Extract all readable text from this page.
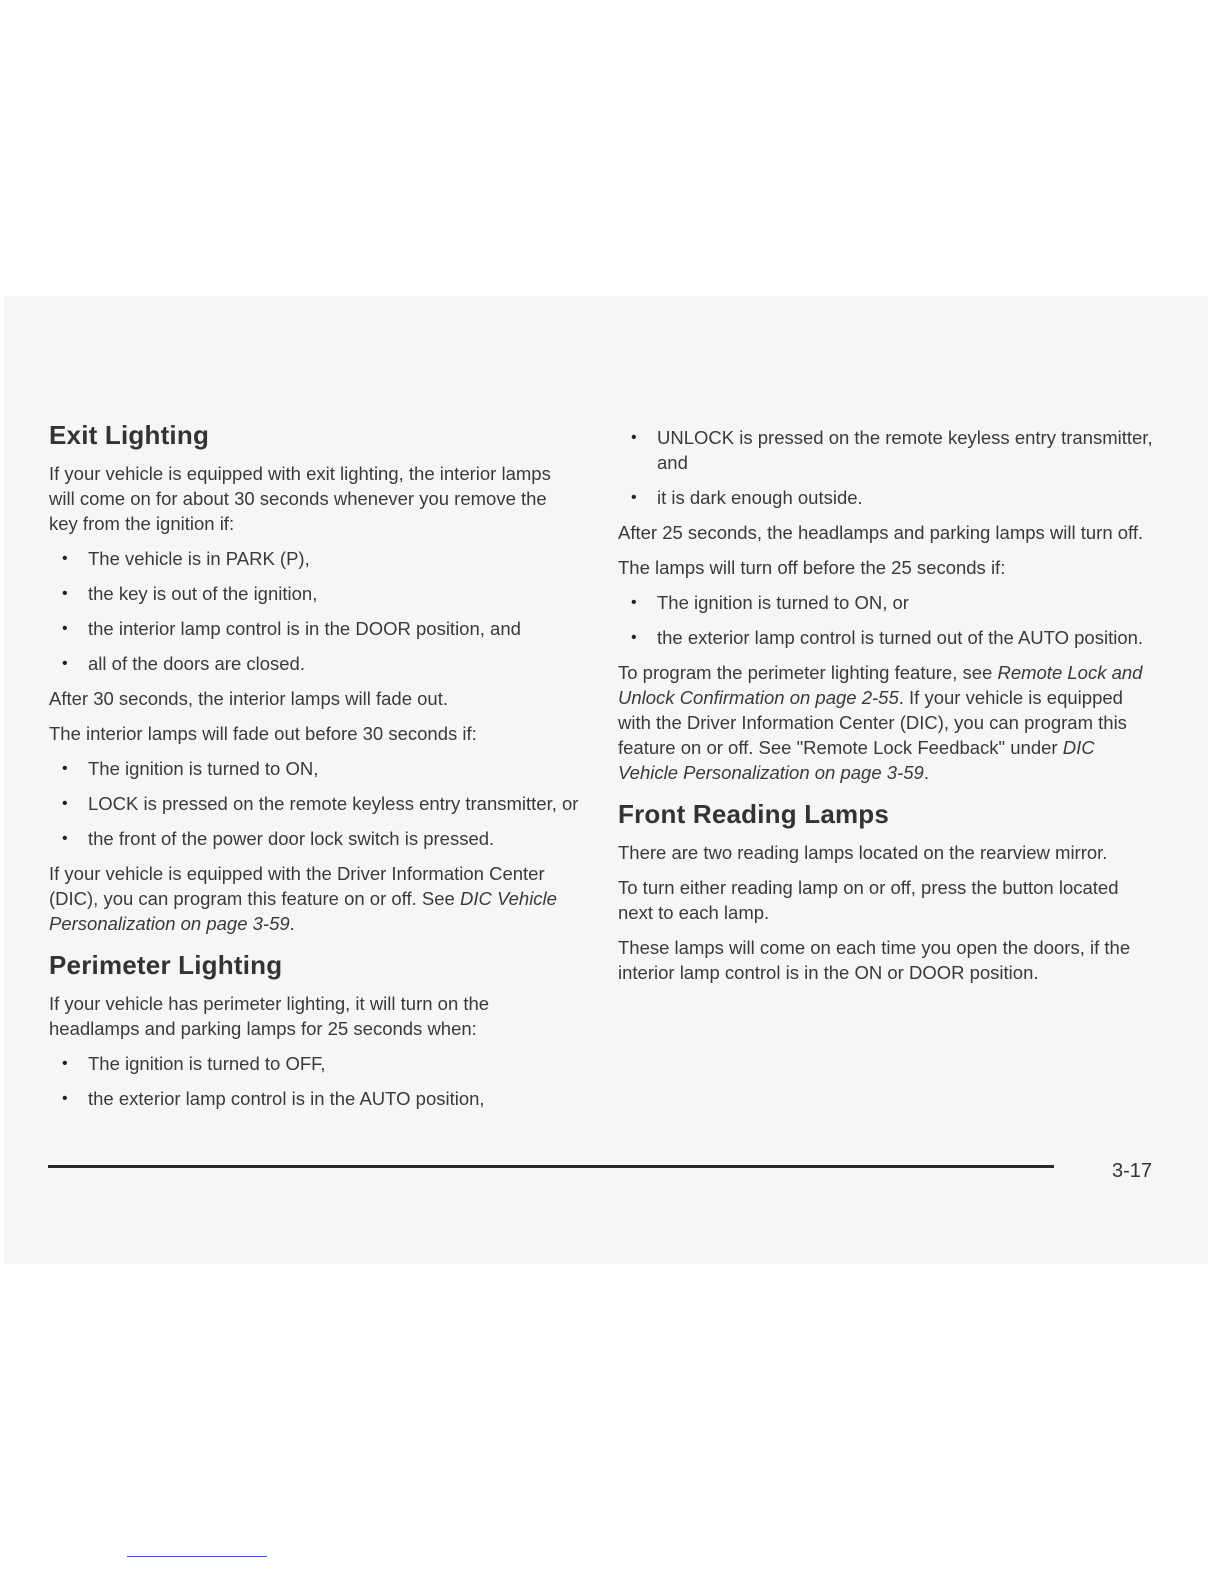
Exit Lighting

If your vehicle is equipped with exit lighting, the interior lamps will come on for about 30 seconds whenever you remove the key from the ignition if:

• The vehicle is in PARK (P),
• the key is out of the ignition,
• the interior lamp control is in the DOOR position, and
• all of the doors are closed.

After 30 seconds, the interior lamps will fade out.

The interior lamps will fade out before 30 seconds if:

• The ignition is turned to ON,
• LOCK is pressed on the remote keyless entry transmitter, or
• the front of the power door lock switch is pressed.

If your vehicle is equipped with the Driver Information Center (DIC), you can program this feature on or off. See DIC Vehicle Personalization on page 3-59.

Perimeter Lighting

If your vehicle has perimeter lighting, it will turn on the headlamps and parking lamps for 25 seconds when:

• The ignition is turned to OFF,
• the exterior lamp control is in the AUTO position,
• UNLOCK is pressed on the remote keyless entry transmitter, and
• it is dark enough outside.

After 25 seconds, the headlamps and parking lamps will turn off.

The lamps will turn off before the 25 seconds if:

• The ignition is turned to ON, or
• the exterior lamp control is turned out of the AUTO position.

To program the perimeter lighting feature, see Remote Lock and Unlock Confirmation on page 2-55. If your vehicle is equipped with the Driver Information Center (DIC), you can program this feature on or off. See "Remote Lock Feedback" under DIC Vehicle Personalization on page 3-59.

Front Reading Lamps

There are two reading lamps located on the rearview mirror.

To turn either reading lamp on or off, press the button located next to each lamp.

These lamps will come on each time you open the doors, if the interior lamp control is in the ON or DOOR position.

3-17
